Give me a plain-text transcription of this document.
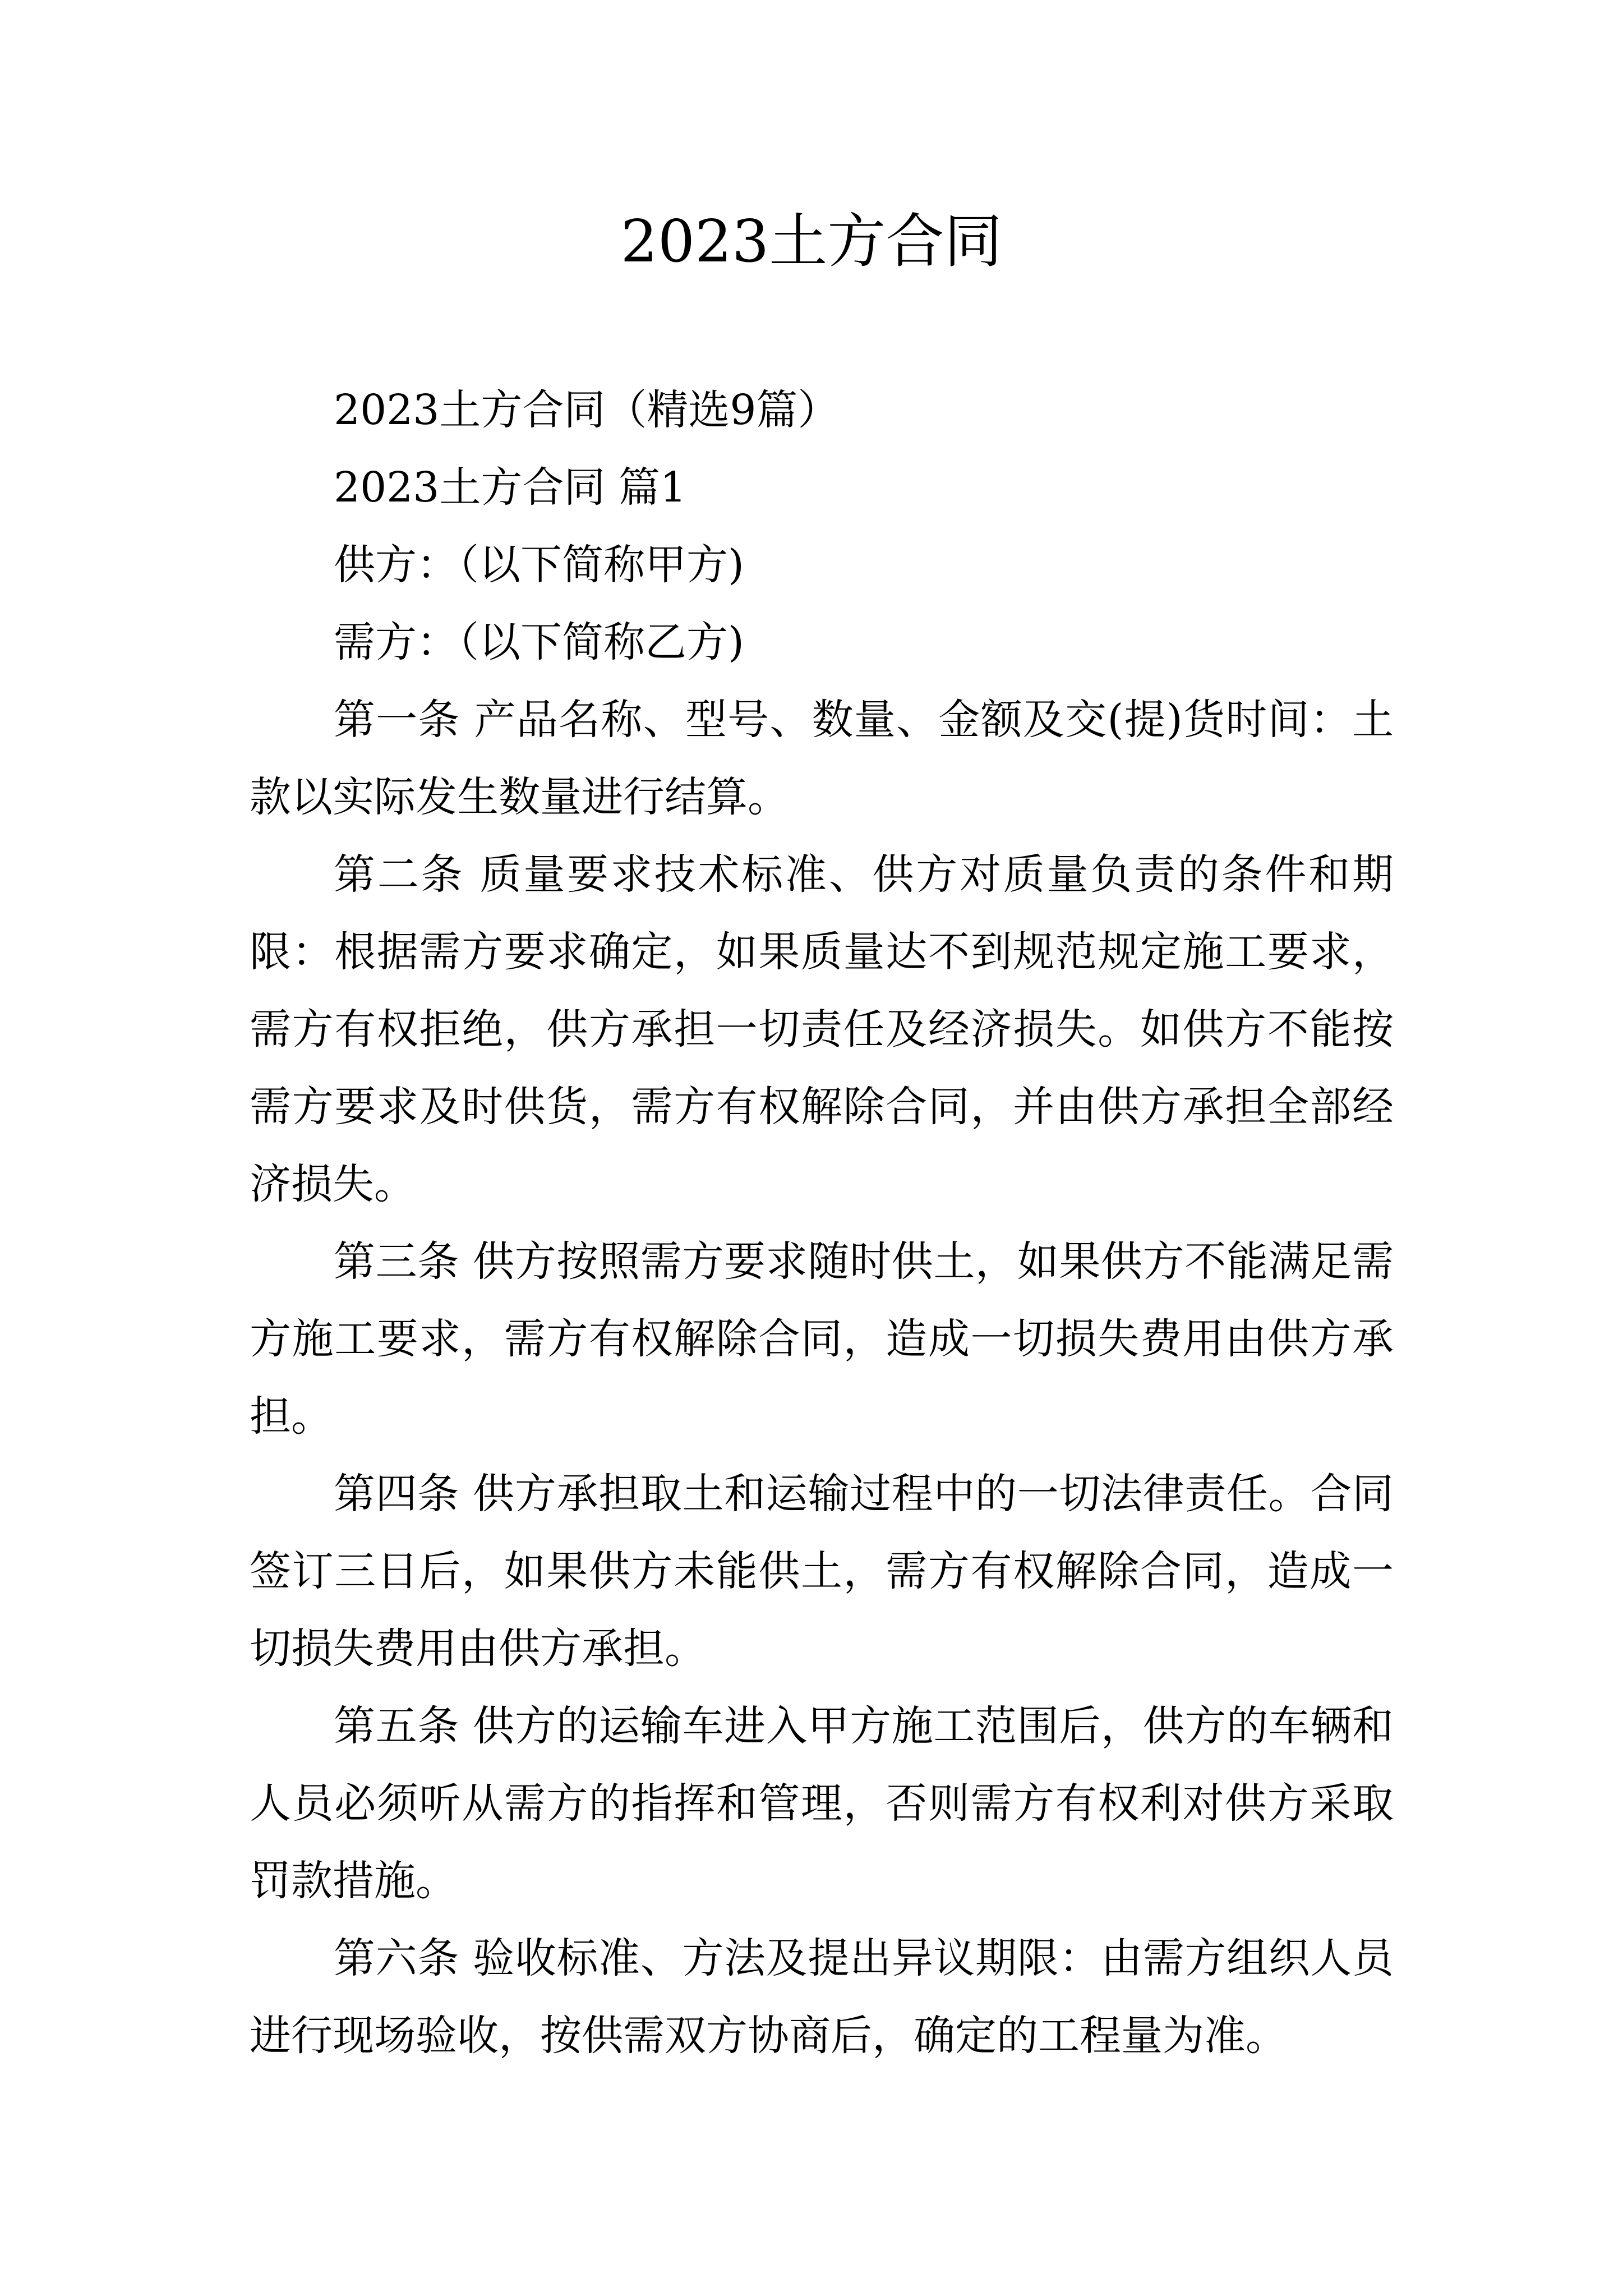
2023土方合同

2023土方合同（精选9篇）

2023土方合同 篇1

供方：（以下简称甲方)

需方：（以下简称乙方)

第一条 产品名称、型号、数量、金额及交(提)货时间：土款以实际发生数量进行结算。

第二条 质量要求技术标准、供方对质量负责的条件和期限：根据需方要求确定，如果质量达不到规范规定施工要求，需方有权拒绝，供方承担一切责任及经济损失。如供方不能按需方要求及时供货，需方有权解除合同，并由供方承担全部经济损失。

第三条 供方按照需方要求随时供土，如果供方不能满足需方施工要求，需方有权解除合同，造成一切损失费用由供方承担。

第四条 供方承担取土和运输过程中的一切法律责任。合同签订三日后，如果供方未能供土，需方有权解除合同，造成一切损失费用由供方承担。

第五条 供方的运输车进入甲方施工范围后，供方的车辆和人员必须听从需方的指挥和管理，否则需方有权利对供方采取罚款措施。

第六条 验收标准、方法及提出异议期限：由需方组织人员进行现场验收，按供需双方协商后，确定的工程量为准。
